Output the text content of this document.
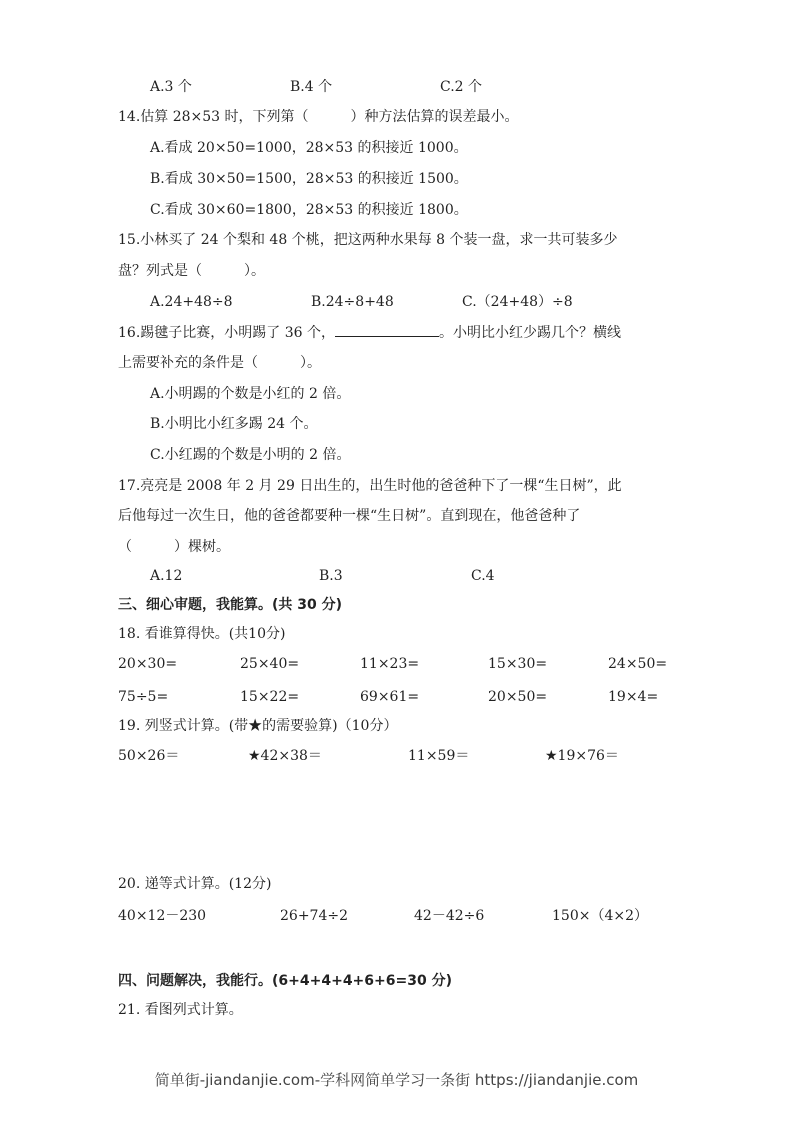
A.3 个	B.4 个	C.2 个
14.估算 28×53 时，下列第（　　　）种方法估算的误差最小。
A.看成 20×50=1000，28×53 的积接近 1000。
B.看成 30×50=1500，28×53 的积接近 1500。
C.看成 30×60=1800，28×53 的积接近 1800。
15.小林买了 24 个梨和 48 个桃，把这两种水果每 8 个装一盘，求一共可装多少
盘？列式是（　　　）。
A.24+48÷8	B.24÷8+48	C.（24+48）÷8
16.踢毽子比赛，小明踢了 36 个，	。小明比小红少踢几个？横线
上需要补充的条件是（　　　）。
A.小明踢的个数是小红的 2 倍。
B.小明比小红多踢 24 个。
C.小红踢的个数是小明的 2 倍。
17.亮亮是 2008 年 2 月 29 日出生的，出生时他的爸爸种下了一棵“生日树”，此
后他每过一次生日，他的爸爸都要种一棵“生日树”。直到现在，他爸爸种了
（　　　）棵树。
A.12	B.3	C.4
三、细心审题，我能算。(共 30 分)
18. 看谁算得快。(共10分)
20×30=	25×40=	11×23=	15×30=	24×50=
75÷5=	15×22=	69×61=	20×50=	19×4=
19. 列竖式计算。(带★的需要验算)（10分）
50×26＝	★42×38＝	11×59＝	★19×76＝
20. 递等式计算。(12分)
40×12－230	26+74÷2	42－42÷6	150×（4×2）
四、问题解决，我能行。(6+4+4+4+6+6=30 分)
21. 看图列式计算。
简单街-jiandanjie.com-学科网简单学习一条街 https://jiandanjie.com
